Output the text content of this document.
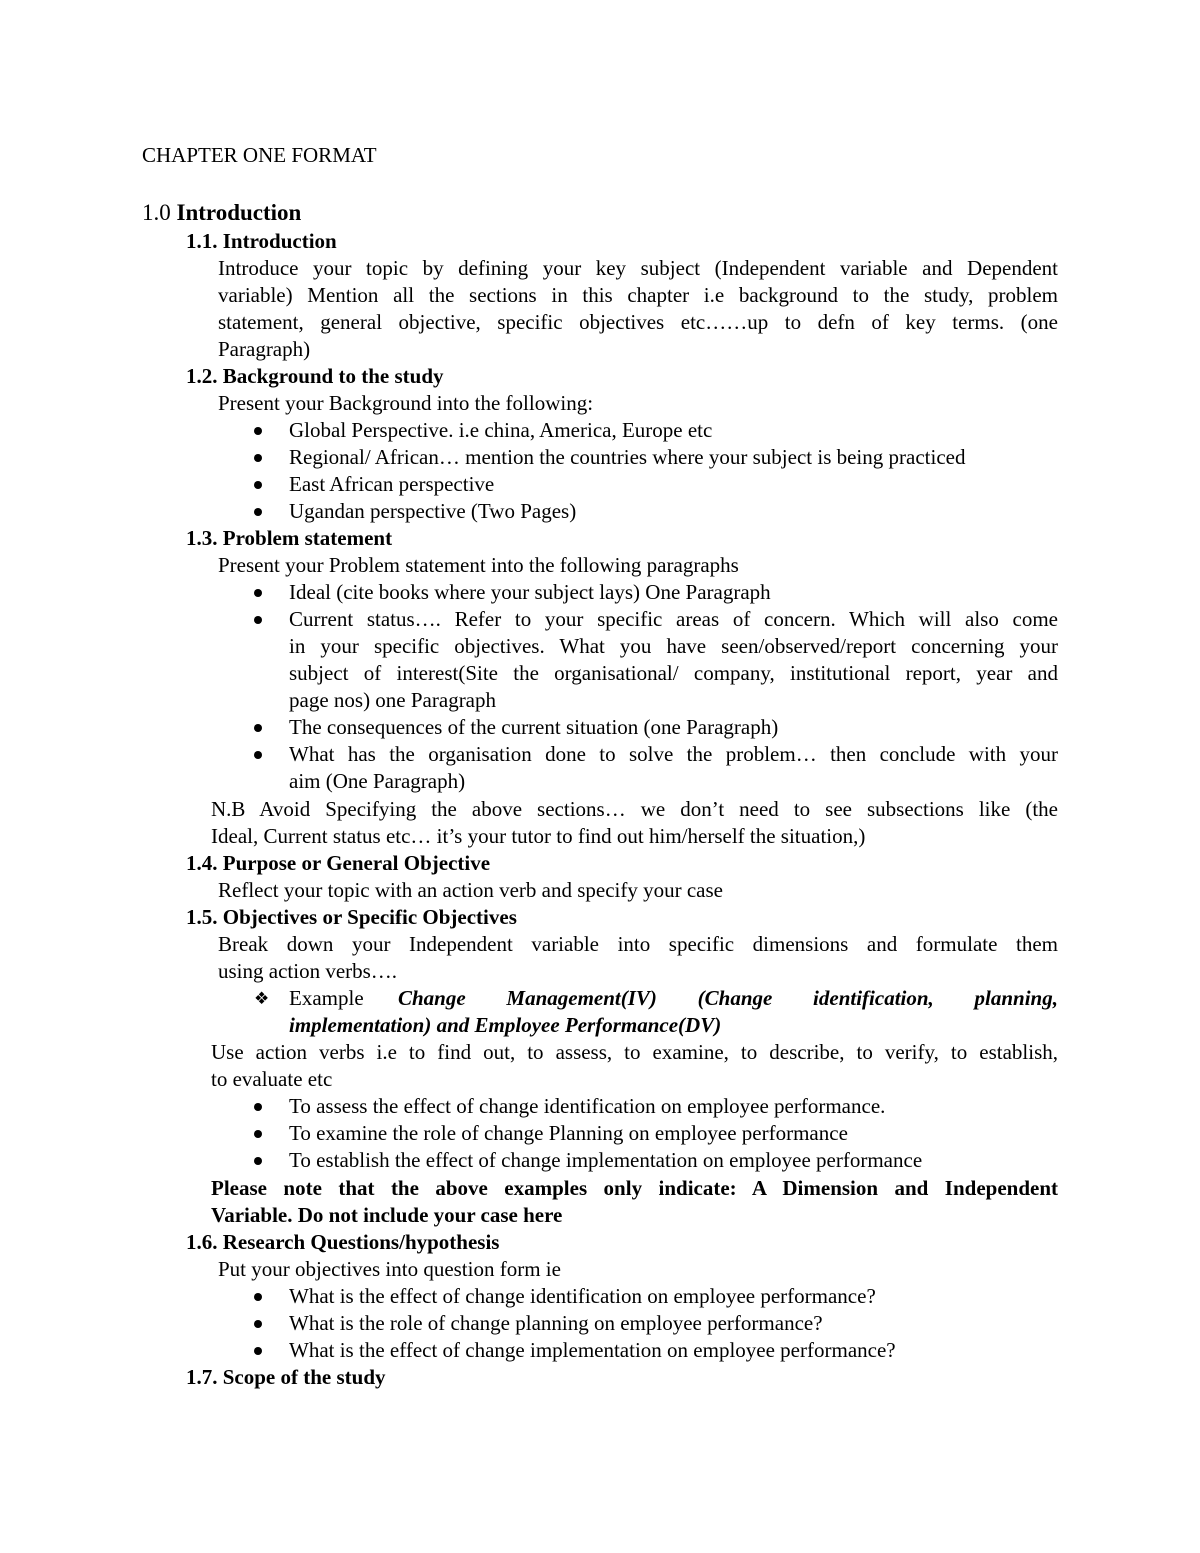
CHAPTER ONE FORMAT
1.0 Introduction
1.1. Introduction
Introduce your topic by defining your key subject (Independent variable and Dependent
variable) Mention all the sections in this chapter i.e background to the study, problem
statement, general objective, specific objectives etc……up to defn of key terms. (one
Paragraph)
1.2. Background to the study
Present your Background into the following:
Global Perspective. i.e china, America, Europe etc
Regional/ African… mention the countries where your subject is being practiced
East African perspective
Ugandan perspective (Two Pages)
1.3. Problem statement
Present your Problem statement into the following paragraphs
Ideal (cite books where your subject lays) One Paragraph
Current status…. Refer to your specific areas of concern. Which will also come
in your specific objectives. What you have seen/observed/report concerning your
subject of interest(Site the organisational/ company, institutional report, year and
page nos) one Paragraph
The consequences of the current situation (one Paragraph)
What has the organisation done to solve the problem… then conclude with your
aim (One Paragraph)
N.B Avoid Specifying the above sections… we don’t need to see subsections like (the
Ideal, Current status etc… it’s your tutor to find out him/herself the situation,)
1.4. Purpose or General Objective
Reflect your topic with an action verb and specify your case
1.5. Objectives or Specific Objectives
Break down your Independent variable into specific dimensions and formulate them
using action verbs….
❖ Example Change Management(IV) (Change identification, planning,
implementation) and Employee Performance(DV)
Use action verbs i.e to find out, to assess, to examine, to describe, to verify, to establish,
to evaluate etc
To assess the effect of change identification on employee performance.
To examine the role of change Planning on employee performance
To establish the effect of change implementation on employee performance
Please note that the above examples only indicate: A Dimension and Independent
Variable. Do not include your case here
1.6. Research Questions/hypothesis
Put your objectives into question form ie
What is the effect of change identification on employee performance?
What is the role of change planning on employee performance?
What is the effect of change implementation on employee performance?
1.7. Scope of the study
